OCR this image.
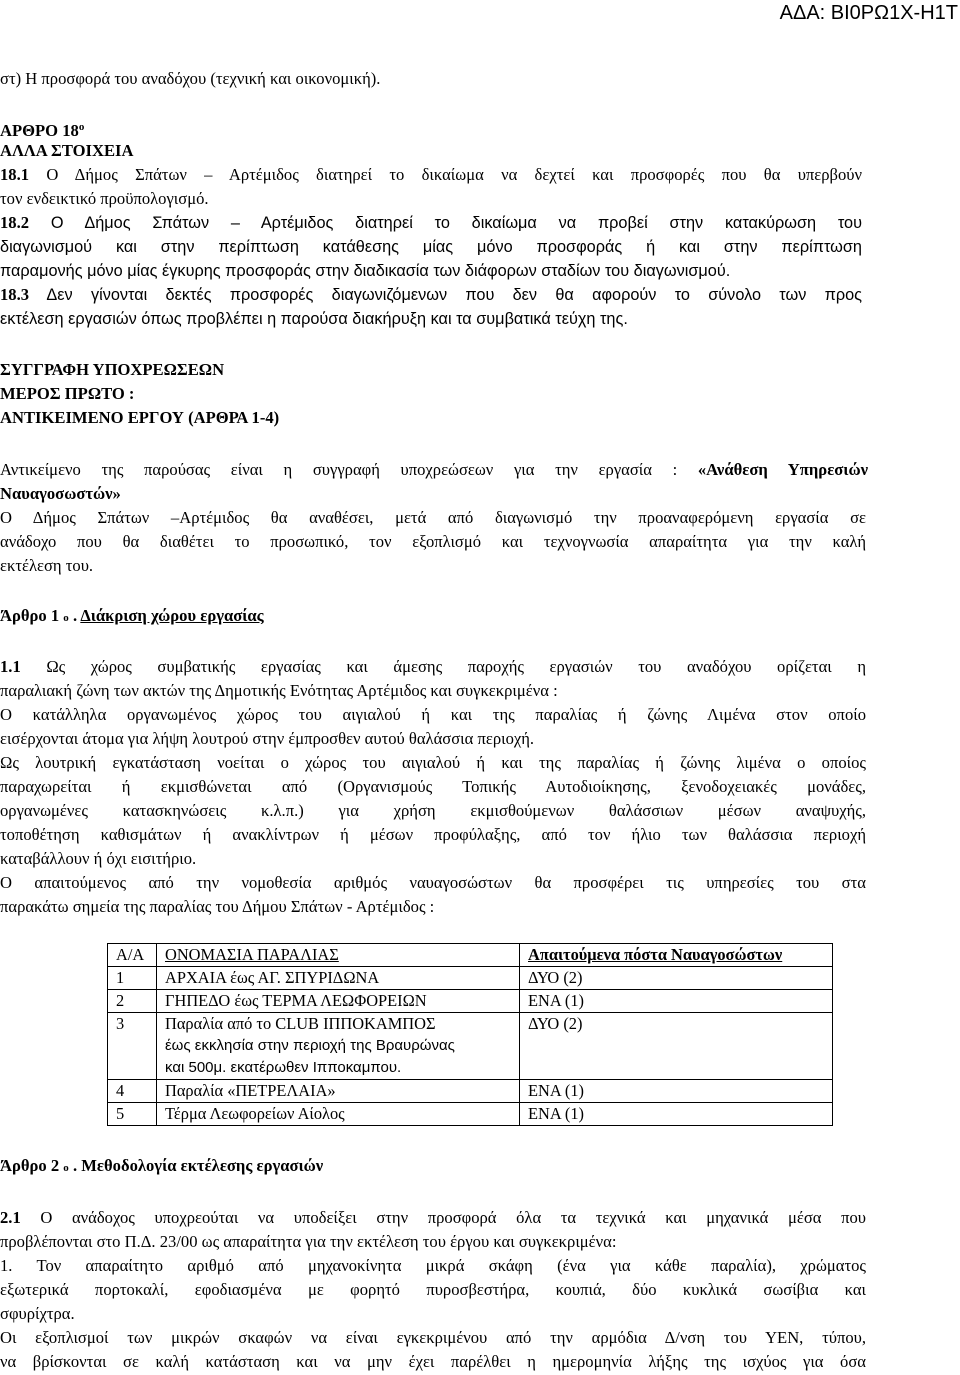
ΑΔΑ: ΒΙ0ΡΩ1Χ-Η1Τ
στ) Η προσφορά του αναδόχου (τεχνική και οικονομική).
ΑΡΘΡΟ $18^o$
ΑΛΛΑ ΣΤΟΙΧΕΙΑ
18.1 Ο Δήμος Σπάτων – Αρτέμιδος διατηρεί το δικαίωμα να δεχτεί και προσφορές που θα υπερβούν
τον ενδεικτικό προϋπολογισμό.
18.2 Ο Δήμος Σπάτων – Αρτέμιδος διατηρεί το δικαίωμα να προβεί στην κατακύρωση του
διαγωνισμού και στην περίπτωση κατάθεσης μίας μόνο προσφοράς ή και στην περίπτωση
παραμονής μόνο μίας έγκυρης προσφοράς στην διαδικασία των διάφορων σταδίων του διαγωνισμού.
18.3 Δεν γίνονται δεκτές προσφορές διαγωνιζόμενων που δεν θα αφορούν το σύνολο των προς
εκτέλεση εργασιών όπως προβλέπει η παρούσα διακήρυξη και τα συμβατικά τεύχη της.
ΣΥΓΓΡΑΦΗ ΥΠΟΧΡΕΩΣΕΩΝ
ΜΕΡΟΣ ΠΡΩΤΟ :
ΑΝΤΙΚΕΙΜΕΝΟ ΕΡΓΟΥ (ΑΡΘΡΑ 1-4)
Αντικείμενο της παρούσας είναι η συγγραφή υποχρεώσεων για την εργασία : «Ανάθεση Υπηρεσιών
Ναυαγοσωστών»
Ο Δήμος Σπάτων –Αρτέμιδος θα αναθέσει, μετά από διαγωνισμό την προαναφερόμενη εργασία σε
ανάδοχο που θα διαθέτει το προσωπικό, τον εξοπλισμό και τεχνογνωσία απαραίτητα για την καλή
εκτέλεση του.
Άρθρο 1 ο . Διάκριση χώρου εργασίας
1.1 Ως χώρος συμβατικής εργασίας και άμεσης παροχής εργασιών του αναδόχου ορίζεται η
παραλιακή ζώνη των ακτών της Δημοτικής Ενότητας Αρτέμιδος και συγκεκριμένα :
Ο κατάλληλα οργανωμένος χώρος του αιγιαλού ή και της παραλίας ή ζώνης Λιμένα στον οποίο
εισέρχονται άτομα για λήψη λουτρού στην έμπροσθεν αυτού θαλάσσια περιοχή.
Ως λουτρική εγκατάσταση νοείται ο χώρος του αιγιαλού ή και της παραλίας ή ζώνης λιμένα ο οποίος
παραχωρείται ή εκμισθώνεται από (Οργανισμούς Τοπικής Αυτοδιοίκησης, ξενοδοχειακές μονάδες,
οργανωμένες κατασκηνώσεις κ.λ.π.) για χρήση εκμισθούμενων θαλάσσιων μέσων αναψυχής,
τοποθέτηση καθισμάτων ή ανακλίντρων ή μέσων προφύλαξης, από τον ήλιο των θαλάσσια περιοχή
καταβάλλουν ή όχι εισιτήριο.
Ο απαιτούμενος από την νομοθεσία αριθμός ναυαγοσώστων θα προσφέρει τις υπηρεσίες του στα
παρακάτω σημεία της παραλίας του Δήμου Σπάτων - Αρτέμιδος :
Α/Α	ΟΝΟΜΑΣΙΑ ΠΑΡΑΛΙΑΣ	Απαιτούμενα πόστα Ναυαγοσώστων
1	ΑΡΧΑΙΑ έως ΑΓ. ΣΠΥΡΙΔΩΝΑ	ΔΥΟ (2)
2	ΓΗΠΕΔΟ έως ΤΕΡΜΑ ΛΕΩΦΟΡΕΙΩΝ	ΕΝΑ (1)
3	Παραλία από το CLUB ΙΠΠΟΚΑΜΠΟΣ
έως εκκλησία στην περιοχή της Βραυρώνας
και 500μ. εκατέρωθεν Ιπποκαμπου.	ΔΥΟ (2)
4	Παραλία «ΠΕΤΡΕΛΑΙΑ»	ΕΝΑ (1)
5	Τέρμα Λεωφορείων Αίολος	ΕΝΑ (1)
Άρθρο 2 ο . Μεθοδολογία εκτέλεσης εργασιών
2.1 Ο ανάδοχος υποχρεούται να υποδείξει στην προσφορά όλα τα τεχνικά και μηχανικά μέσα που
προβλέπονται στο Π.Δ. 23/00 ως απαραίτητα για την εκτέλεση του έργου και συγκεκριμένα:
1. Τον απαραίτητο αριθμό από μηχανοκίνητα μικρά σκάφη (ένα για κάθε παραλία), χρώματος
εξωτερικά πορτοκαλί, εφοδιασμένα με φορητό πυροσβεστήρα, κουπιά, δύο κυκλικά σωσίβια και
σφυρίχτρα.
Οι εξοπλισμοί των μικρών σκαφών να είναι εγκεκριμένου από την αρμόδια Δ/νση του ΥΕΝ, τύπου,
να βρίσκονται σε καλή κατάσταση και να μην έχει παρέλθει η ημερομηνία λήξης της ισχύος για όσα
